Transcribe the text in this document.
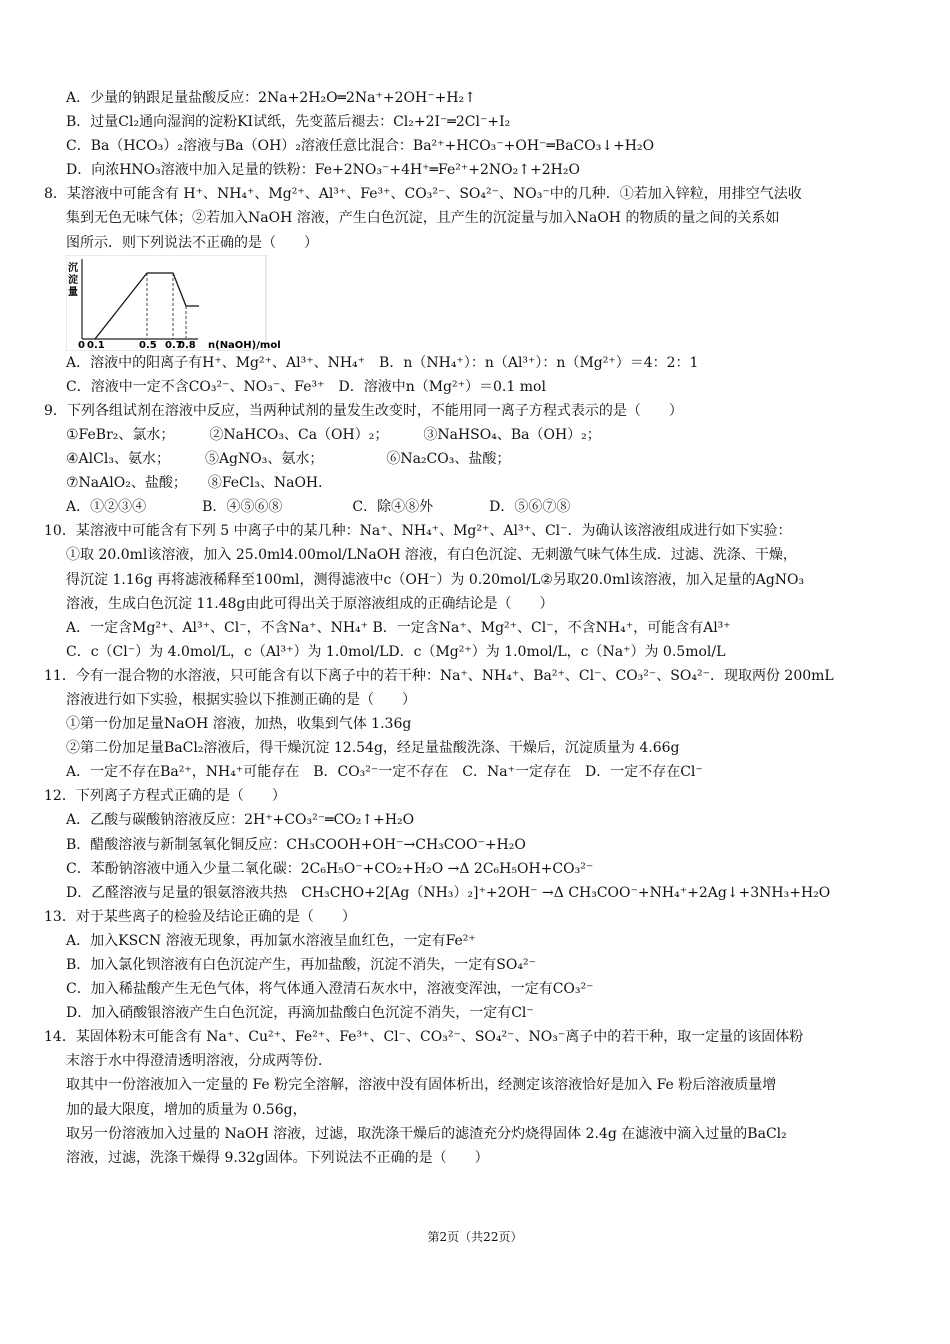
A．少量的钠跟足量盐酸反应：2Na+2H₂O═2Na⁺+2OH⁻+H₂↑
B．过量Cl₂通向湿润的淀粉KI试纸，先变蓝后褪去：Cl₂+2I⁻═2Cl⁻+I₂
C．Ba（HCO₃）₂溶液与Ba（OH）₂溶液任意比混合：Ba²⁺+HCO₃⁻+OH⁻═BaCO₃↓+H₂O
D．向浓HNO₃溶液中加入足量的铁粉：Fe+2NO₃⁻+4H⁺═Fe²⁺+2NO₂↑+2H₂O
8．某溶液中可能含有 H⁺、NH₄⁺、Mg²⁺、Al³⁺、Fe³⁺、CO₃²⁻、SO₄²⁻、NO₃⁻中的几种．①若加入锌粒，用排空气法收
集到无色无味气体；②若加入NaOH 溶液，产生白色沉淀，且产生的沉淀量与加入NaOH 的物质的量之间的关系如
图所示．则下列说法不正确的是（　　）
沉
淀
量
0 0.1	0.5 0.7
0.8 n(NaOH)/mol
A．溶液中的阳离子有H⁺、Mg²⁺、Al³⁺、NH₄⁺　B．n（NH₄⁺）：n（Al³⁺）：n（Mg²⁺）＝4：2：1
C．溶液中一定不含CO₃²⁻、NO₃⁻、Fe³⁺　D．溶液中n（Mg²⁺）＝0.1 mol
9．下列各组试剂在溶液中反应，当两种试剂的量发生改变时，不能用同一离子方程式表示的是（　　）
①FeBr₂、氯水；　　　②NaHCO₃、Ca（OH）₂；　　　③NaHSO₄、Ba（OH）₂；
④AlCl₃、氨水；　　　⑤AgNO₃、氨水；　　　　　⑥Na₂CO₃、盐酸；
⑦NaAlO₂、盐酸；　　⑧FeCl₃、NaOH．
A．①②③④　　　　B．④⑤⑥⑧　　　　　C．除④⑧外　　　　D．⑤⑥⑦⑧
10．某溶液中可能含有下列 5 中离子中的某几种：Na⁺、NH₄⁺、Mg²⁺、Al³⁺、Cl⁻．为确认该溶液组成进行如下实验：
①取 20.0ml该溶液，加入 25.0ml4.00mol/LNaOH 溶液，有白色沉淀、无刺激气味气体生成．过滤、洗涤、干燥，
得沉淀 1.16g 再将滤液稀释至100ml，测得滤液中c（OH⁻）为 0.20mol/L②另取20.0ml该溶液，加入足量的AgNO₃
溶液，生成白色沉淀 11.48g由此可得出关于原溶液组成的正确结论是（　　）
A．一定含Mg²⁺、Al³⁺、Cl⁻，不含Na⁺、NH₄⁺ B．一定含Na⁺、Mg²⁺、Cl⁻，不含NH₄⁺，可能含有Al³⁺
C．c（Cl⁻）为 4.0mol/L，c（Al³⁺）为 1.0mol/LD．c（Mg²⁺）为 1.0mol/L，c（Na⁺）为 0.5mol/L
11．今有一混合物的水溶液，只可能含有以下离子中的若干种：Na⁺、NH₄⁺、Ba²⁺、Cl⁻、CO₃²⁻、SO₄²⁻．现取两份 200mL
溶液进行如下实验，根据实验以下推测正确的是（　　）
①第一份加足量NaOH 溶液，加热，收集到气体 1.36g
②第二份加足量BaCl₂溶液后，得干燥沉淀 12.54g，经足量盐酸洗涤、干燥后，沉淀质量为 4.66g
A．一定不存在Ba²⁺，NH₄⁺可能存在　B．CO₃²⁻一定不存在　C．Na⁺一定存在　D．一定不存在Cl⁻
12．下列离子方程式正确的是（　　）
A．乙酸与碳酸钠溶液反应：2H⁺+CO₃²⁻═CO₂↑+H₂O
B．醋酸溶液与新制氢氧化铜反应：CH₃COOH+OH⁻→CH₃COO⁻+H₂O
C．苯酚钠溶液中通入少量二氧化碳：2C₆H₅O⁻+CO₂+H₂O →Δ 2C₆H₅OH+CO₃²⁻
D．乙醛溶液与足量的银氨溶液共热　CH₃CHO+2[Ag（NH₃）₂]⁺+2OH⁻ →Δ CH₃COO⁻+NH₄⁺+2Ag↓+3NH₃+H₂O
13．对于某些离子的检验及结论正确的是（　　）
A．加入KSCN 溶液无现象，再加氯水溶液呈血红色，一定有Fe²⁺
B．加入氯化钡溶液有白色沉淀产生，再加盐酸，沉淀不消失，一定有SO₄²⁻
C．加入稀盐酸产生无色气体，将气体通入澄清石灰水中，溶液变浑浊，一定有CO₃²⁻
D．加入硝酸银溶液产生白色沉淀，再滴加盐酸白色沉淀不消失，一定有Cl⁻
14．某固体粉末可能含有 Na⁺、Cu²⁺、Fe²⁺、Fe³⁺、Cl⁻、CO₃²⁻、SO₄²⁻、NO₃⁻离子中的若干种，取一定量的该固体粉
末溶于水中得澄清透明溶液，分成两等份．
取其中一份溶液加入一定量的 Fe 粉完全溶解，溶液中没有固体析出，经测定该溶液恰好是加入 Fe 粉后溶液质量增
加的最大限度，增加的质量为 0.56g，
取另一份溶液加入过量的 NaOH 溶液，过滤，取洗涤干燥后的滤渣充分灼烧得固体 2.4g 在滤液中滴入过量的BaCl₂
溶液，过滤，洗涤干燥得 9.32g固体。下列说法不正确的是（　　）
第2页（共22页）
